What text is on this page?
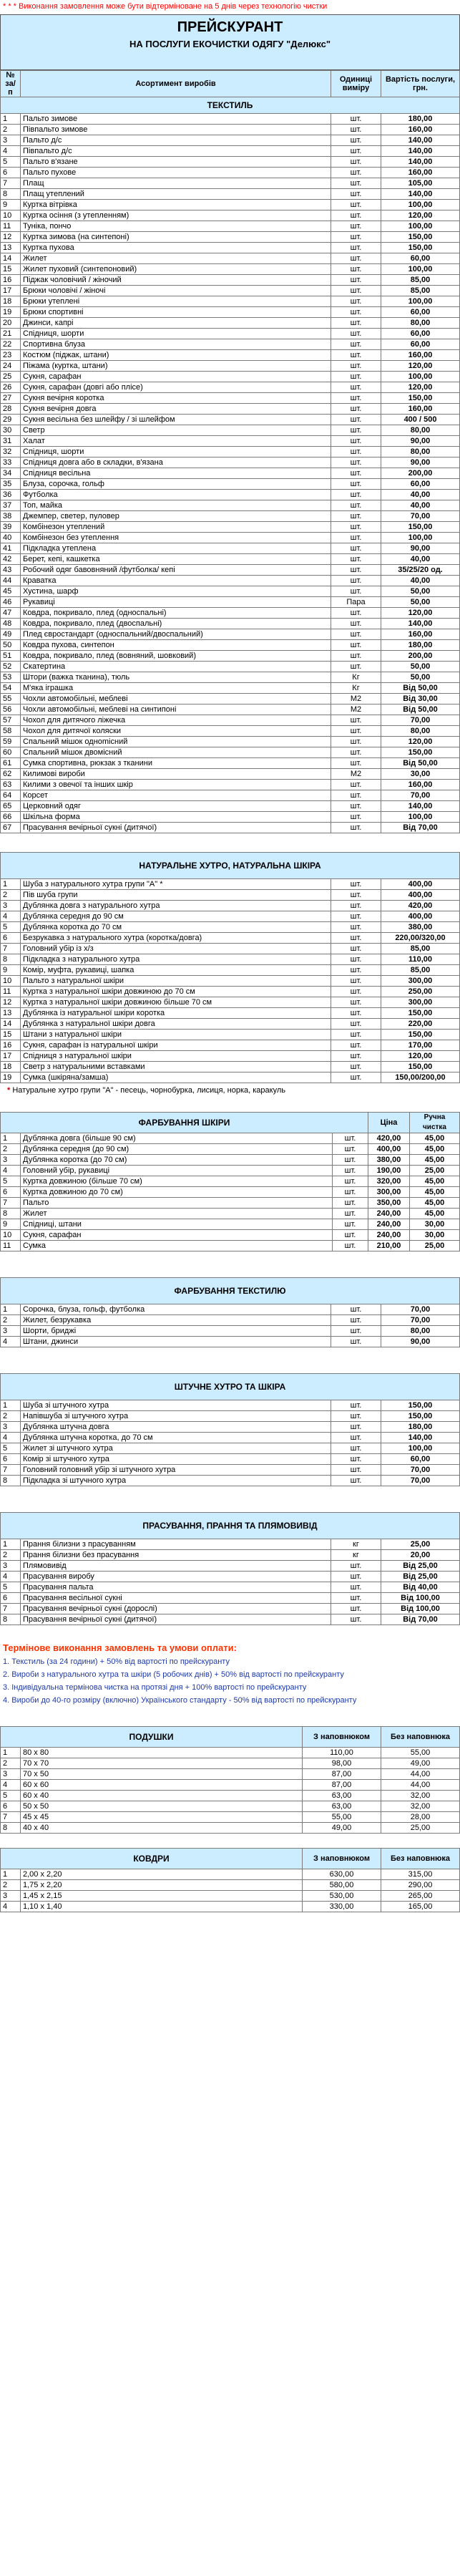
* * * Виконання замовлення може бути відтерміноване на 5 днів через технологію чистки
ПРЕЙСКУРАНТ
НА ПОСЛУГИ ЕКОЧИСТКИ ОДЯГУ "Делюкс"
№ за/п	Асортимент виробів	Одиниці виміру	Вартість послуги, грн.
ТЕКСТИЛЬ			
1	Пальто зимове	шт.	180,00
2	Пiвпальто зимове	шт.	160,00
3	Пальто д/с	шт.	140,00
4	Пiвпальто д/с	шт.	140,00
5	Пальто в'язане	шт.	140,00
6	Пальто пухове	шт.	160,00
7	Плащ	шт.	105,00
8	Плащ утеплений	шт.	140,00
9	Куртка вітрівка	шт.	100,00
10	Куртка осіння (з утепленням)	шт.	120,00
11	Туніка, пончо	шт.	100,00
12	Куртка зимова (на синтепоні)	шт.	150,00
13	Куртка пухова	шт.	150,00
14	Жилет	шт.	60,00
15	Жилет пуховий (синтепоновий)	шт.	100,00
16	Піджак чоловічий / жіночий	шт.	85,00
17	Брюки чоловічі / жіночі	шт.	85,00
18	Брюки утеплені	шт.	100,00
19	Брюки спортивні	шт.	60,00
20	Джинси, капрі	шт.	80,00
21	Спідниця, шорти	шт.	60,00
22	Спортивна блуза	шт.	60,00
23	Костюм (піджак, штани)	шт.	160,00
24	Піжама (куртка, штани)	шт.	120,00
25	Сукня, сарафан	шт.	100,00
26	Сукня, сарафан (довгі або плісе)	шт.	120,00
27	Сукня вечірня коротка	шт.	150,00
28	Сукня вечірня довга	шт.	160,00
29	Сукня весільна без шлейфу / зі шлейфом	шт.	400 / 500
30	Светр	шт.	80,00
31	Халат	шт.	90,00
32	Спідниця, шорти	шт.	80,00
33	Спідниця довга або в складки, в'язана	шт.	90,00
34	Спідниця весільна	шт.	200,00
35	Блуза, сорочка, гольф	шт.	60,00
36	Футболка	шт.	40,00
37	Топ, майка	шт.	40,00
38	Джемпер, светер, пуловер	шт.	70,00
39	Комбінезон утеплений	шт.	150,00
40	Комбінезон без утеплення	шт.	100,00
41	Підкладка утеплена	шт.	90,00
42	Берет, кепі, кашкетка	шт.	40,00
43	Робочий одяг бавовняний /футболка/ кепі	шт.	35/25/20 од.
44	Краватка	шт.	40,00
45	Хустина, шарф	шт.	50,00
46	Рукавиці	Пара	50,00
47	Ковдра, покривало, плед (односпальні)	шт.	120,00
48	Ковдра, покривало, плед (двоспальні)	шт.	140,00
49	Плед євростандарт (односпальний/двоспальний)	шт.	160,00
50	Ковдра пухова, синтепон	шт.	180,00
51	Ковдра, покривало, плед (вовняний, шовковий)	шт.	200,00
52	Скатертина	шт.	50,00
53	Штори (важка тканина), тюль	Кг	50,00
54	М'яка іграшка	Кг	Від 50,00
55	Чохли автомобільні, меблеві	М2	Від 30,00
56	Чохли автомобільні, меблеві на синтипоні	М2	Від 50,00
57	Чохол для дитячого ліжечка	шт.	70,00
58	Чохол для дитячої коляски	шт.	80,00
59	Спальний мішок однomісний	шт.	120,00
60	Спальний мішок двомісний	шт.	150,00
61	Сумка спортивна, рюкзак з тканини	шт.	Від 50,00
62	Килимові вироби	М2	30,00
63	Килими з овечої та інших шкір	шт.	160,00
64	Корсет	шт.	70,00
65	Церковний одяг	шт.	140,00
66	Шкільна форма	шт.	100,00
67	Прасування вечірньої сукні (дитячої)	шт.	Від 70,00
НАТУРАЛЬНЕ ХУТРО, НАТУРАЛЬНА ШКІРА			
1	Шуба з натурального хутра групи "А" *	шт.	400,00
2	Пів шуба групи	шт.	400,00
3	Дублянка довга з натурального хутра	шт.	420,00
4	Дублянка середня до 90 см	шт.	400,00
5	Дублянка коротка до 70 см	шт.	380,00
6	Безрукавка з натурального хутра (коротка/довга)	шт.	220,00/320,00
7	Головний убір із х/з	шт.	85,00
8	Підкладка з натурального хутра	шт.	110,00
9	Комір, муфта, рукавиці, шапка	шт.	85,00
10	Пальто з натуральної шкіри	шт.	300,00
11	Куртка з натуральної шкіри довжиною до 70 см	шт.	250,00
12	Куртка з натуральної шкіри довжиною більше 70 см	шт.	300,00
13	Дублянка із натуральної шкіри коротка	шт.	150,00
14	Дублянка з натуральної шкіри довга	шт.	220,00
15	Штани з натуральної шкіри	шт.	150,00
16	Сукня, сарафан із натуральної шкіри	шт.	170,00
17	Спідниця з натуральної шкіри	шт.	120,00
18	Светр з натуральними вставками	шт.	150,00
19	Сумка (шкіряна/замша)	шт.	150,00/200,00
* Натуральне хутро групи "А" - песець, чорнобурка, лисиця, норка, каракуль
ФАРБУВАННЯ ШКІРИ			Ціна	Ручна чистка
1	Дублянка довга (більше 90 см)	шт.	420,00	45,00
2	Дублянка середня (до 90 см)	шт.	400,00	45,00
3	Дублянка коротка (до 70 см)	шт.	380,00	45,00
4	Головний убір, рукавиці	шт.	190,00	25,00
5	Куртка довжиною (більше 70 см)	шт.	320,00	45,00
6	Куртка довжиною до 70 см)	шт.	300,00	45,00
7	Пальто	шт.	350,00	45,00
8	Жилет	шт.	240,00	45,00
9	Спідниці, штани	шт.	240,00	30,00
10	Сукня, сарафан	шт.	240,00	30,00
11	Сумка	шт.	210,00	25,00
ФАРБУВАННЯ ТЕКСТИЛЮ			
1	Сорочка, блуза, гольф, футболка	шт.	70,00
2	Жилет, безрукавка	шт.	70,00
3	Шорти, бриджі	шт.	80,00
4	Штани, джинси	шт.	90,00
ШТУЧНЕ ХУТРО ТА ШКІРА			
1	Шуба зі штучного хутра	шт.	150,00
2	Напівшуба зі штучного хутра	шт.	150,00
3	Дублянка штучна довга	шт.	180,00
4	Дублянка штучна коротка, до 70 см	шт.	140,00
5	Жилет зі штучного хутра	шт.	100,00
6	Комір зі штучного хутра	шт.	60,00
7	Головний головний убір зі штучного хутра	шт.	70,00
8	Підкладка зі штучного хутра	шт.	70,00
ПРАСУВАННЯ, ПРАННЯ ТА ПЛЯМОВИВІД			
1	Прання білизни з прасуванням	кг	25,00
2	Прання білизни без прасування	кг	20,00
3	Плямовивід	шт.	Від 25,00
4	Прасування виробу	шт.	Від 25,00
5	Прасування пальта	шт.	Від 40,00
6	Прасування весільної сукні	шт.	Від 100,00
7	Прасування вечірньої сукні (дорослі)	шт.	Від 100,00
8	Прасування вечірньої сукні (дитячої)	шт.	Від 70,00
Термінове виконання замовлень та умови оплати:
1. Текстиль (за 24 години) + 50% від вартості по прейскуранту
2. Вироби з натурального хутра та шкіри (5 робочих днів) + 50% від вартості по прейскуранту
3. Індивідуальна термінова чистка на протязі дня + 100% вартості по прейскуранту
4. Вироби до 40-го розміру (включно) Українського стандарту - 50% від вартості по прейскуранту
ПОДУШКИ		З наповнюком	Без наповнюка
1	80 х 80	110,00	55,00
2	70 х 70	98,00	49,00
3	70 х 50	87,00	44,00
4	60 х 60	87,00	44,00
5	60 х 40	63,00	32,00
6	50 х 50	63,00	32,00
7	45 х 45	55,00	28,00
8	40 х 40	49,00	25,00
КОВДРИ		З наповнюком	Без наповнюка
1	2,00 х 2,20	630,00	315,00
2	1,75 х 2,20	580,00	290,00
3	1,45 х 2,15	530,00	265,00
4	1,10 х 1,40	330,00	165,00
